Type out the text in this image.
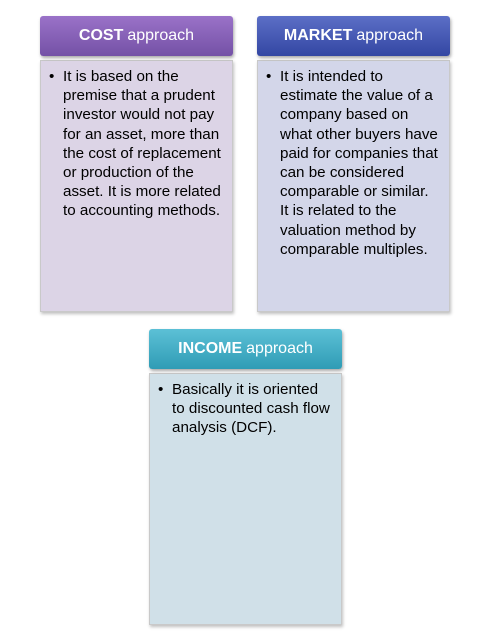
COST approach
• It is based on the premise that a prudent investor would not pay for an asset, more than the cost of replacement or production of the asset. It is more related to accounting methods.
MARKET approach
• It is intended to estimate the value of a company based on what other buyers have paid for companies that can be considered comparable or similar. It is related to the valuation method by comparable multiples.
INCOME approach
• Basically it is oriented to discounted cash flow analysis (DCF).
